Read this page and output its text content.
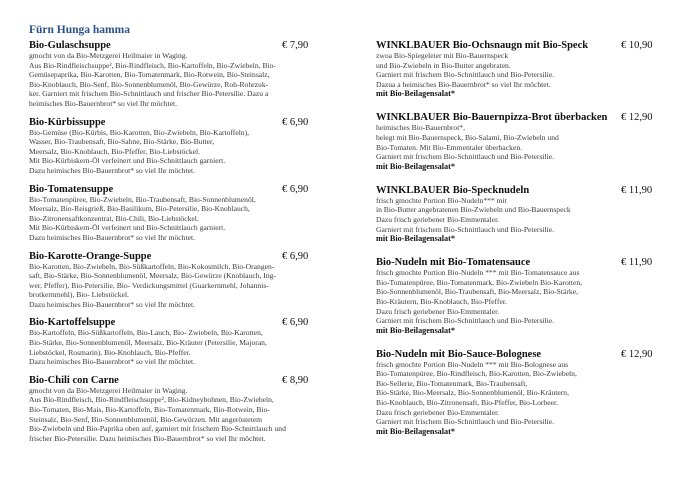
Fürn Hunga hamma
Bio-Gulaschsuppe	€ 7,90
gmocht von da Bio-Metzgerei Heilmaier in Waging.
Aus Bio-Rindfleischsuppe², Bio-Rindfleisch, Bio-Kartoffeln, Bio-Zwiebeln, Bio-
Gemüsepaprika, Bio-Karotten, Bio-Tomatenmark, Bio-Rotwein, Bio-Steinsalz,
Bio-Knoblauch, Bio-Senf, Bio-Sonnenblumenöl, Bio-Gewürze, Roh-Rohrzuk-
ker. Garniert mit frischem Bio-Schnittlauch und frischer Bio-Petersilie. Dazu a
heimisches Bio-Bauernbrot* so viel Ihr möchtet.
Bio-Kürbissuppe	€ 6,90
Bio-Gemüse (Bio-Kürbis, Bio-Karotten, Bio-Zwiebeln, Bio-Kartoffeln),
Wasser, Bio-Traubensaft, Bio-Sahne, Bio-Stärke, Bio-Butter,
Meersalz, Bio-Knoblauch, Bio-Pfeffer, Bio-Liebstöckel.
Mit Bio-Kürbiskern-Öl verfeinert und Bio-Schnittlauch garniert.
Dazu heimisches Bio-Bauernbrot* so viel Ihr möchtet.
Bio-Tomatensuppe	€ 6,90
Bio-Tomatenpüree, Bio-Zwiebeln, Bio-Traubensaft, Bio-Sonnenblumenöl,
Meersalz, Bio-Reisgrieß, Bio-Basilikum, Bio-Petersilie, Bio-Knoblauch,
Bio-Zitronensaftkonzentrat, Bio-Chili, Bio-Liebstöckel.
Mit Bio-Kürbiskern-Öl verfeinert und Bio-Schnittlauch garniert.
Dazu heimisches Bio-Bauernbrot* so viel Ihr möchtet.
Bio-Karotte-Orange-Suppe	€ 6,90
Bio-Karotten, Bio-Zwiebeln, Bio-Süßkartoffeln, Bio-Kokosmilch, Bio-Orangen-
saft, Bio-Stärke, Bio-Sonnenblumenöl, Meersalz, Bio-Gewürze (Knoblauch, Ing-
wer, Pfeffer), Bio-Petersilie, Bio- Verdickungsmittel (Guarkernmehl, Johannis-
brotkernmehl), Bio- Liebstöckel.
Dazu heimisches Bio-Bauernbrot* so viel Ihr möchtet.
Bio-Kartoffelsuppe	€ 6,90
Bio-Kartoffeln, Bio-Süßkartoffeln, Bio-Lauch, Bio- Zwiebeln, Bio-Karotten,
Bio-Stärke, Bio-Sonnenblumenöl, Meersalz, Bio-Kräuter (Petersilie, Majoran,
Liebstöckel, Rosmarin), Bio-Knoblauch, Bio-Pfeffer.
Dazu heimisches Bio-Bauernbrot* so viel Ihr möchtet.
Bio-Chili con Carne	€ 8,90
gmocht von da Bio-Metzgerei Heilmaier in Waging.
Aus Bio-Rindfleisch, Bio-Rindfleischsuppe², Bio-Kidneybohnen, Bio-Zwiebeln,
Bio-Tomaten, Bio-Mais, Bio-Kartoffeln, Bio-Tomatenmark, Bio-Rotwein, Bio-
Steinsalz, Bio-Senf, Bio-Sonnenblumenöl, Bio-Gewürzen. Mit angeröstetem
Bio-Zwiebeln und Bio-Paprika oben auf, garniert mit frischem Bio-Schnittlauch und
frischer Bio-Petersilie. Dazu heimisches Bio-Bauernbrot* so viel Ihr möchtet.
WINKLBAUER Bio-Ochsnaugn mit Bio-Speck	€ 10,90
zwoa Bio-Spiegeleier mit Bio-Bauernspeck
und Bio-Zwiebeln in Bio-Butter angebraten.
Garniert mit frischem Bio-Schnittlauch und Bio-Petersilie.
Dazua a heimisches Bio-Bauernbrot* so viel Ihr möchtet.
mit Bio-Beilagensalat*
WINKLBAUER Bio-Bauernpizza-Brot überbacken € 12,90
heimisches Bio-Bauernbrot*,
belegt mit Bio-Bauernspeck, Bio-Salami, Bio-Zwiebeln und
Bio-Tomaten. Mit Bio-Emmentaler überbacken.
Garniert mit frischem Bio-Schnittlauch und Bio-Petersilie.
mit Bio-Beilagensalat*
WINKLBAUER Bio-Specknudeln	€ 11,90
frisch gmochte Portion Bio-Nudeln*** mit
in Bio-Butter angebratenen Bio-Zwiebeln und Bio-Bauernspeck
Dazu frisch geriebener Bio-Emmentaler.
Garniert mit frischem Bio-Schnittlauch und Bio-Petersilie.
mit Bio-Beilagensalat*
Bio-Nudeln mit Bio-Tomatensauce	€ 11,90
frisch gmochte Portion Bio-Nudeln *** mit Bio-Tomatensauce aus
Bio-Tomatenpüree, Bio-Tomatenmark, Bio-Zwiebeln Bio-Karotten,
Bio-Sonnenblumenöl, Bio-Traubensaft, Bio-Meersalz, Bio-Stärke,
Bio-Kräutern, Bio-Knoblauch, Bio-Pfeffer.
Dazu frisch geriebener Bio-Emmentaler.
Garniert mit frischem Bio-Schnittlauch und Bio-Petersilie.
mit Bio-Beilagensalat*
Bio-Nudeln mit Bio-Sauce-Bolognese	€ 12,90
frisch gmochte Portion Bio-Nudeln *** mit Bio-Bolognese aus
Bio-Tomatenpüree, Bio-Rindfleisch, Bio-Karotten, Bio-Zwiebeln,
Bio-Sellerie, Bio-Tomatenmark, Bio-Traubensaft,
Bio-Stärke, Bio-Meersalz, Bio-Sonnenblumenöl, Bio-Kräutern,
Bio-Knoblauch, Bio-Zitronensaft, Bio-Pfeffer, Bio-Lorbeer.
Dazu frisch geriebener Bio-Emmentaler.
Garniert mit frischem Bio-Schnittlauch und Bio-Petersilie.
mit Bio-Beilagensalat*
